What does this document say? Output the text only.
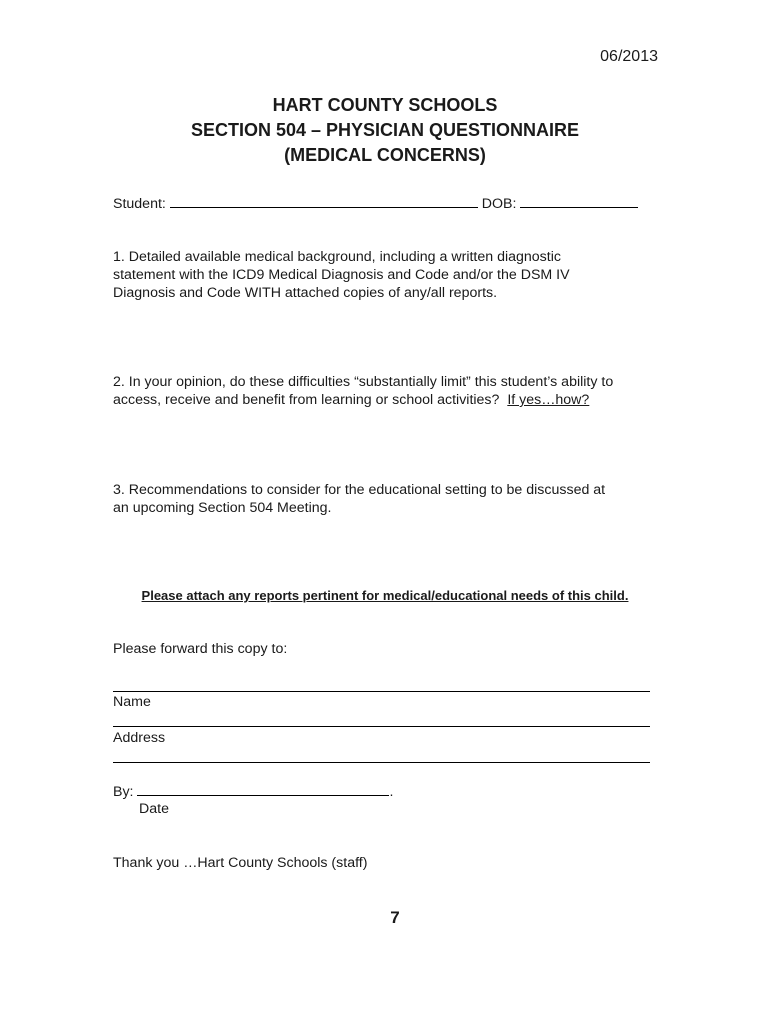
06/2013
HART COUNTY SCHOOLS
SECTION 504 – PHYSICIAN QUESTIONNAIRE
(MEDICAL CONCERNS)
Student:	DOB:
1. Detailed available medical background, including a written diagnostic
statement with the ICD9 Medical Diagnosis and Code and/or the DSM IV
Diagnosis and Code WITH attached copies of any/all reports.
2. In your opinion, do these difficulties “substantially limit” this student’s ability to
access, receive and benefit from learning or school activities? If yes…how?
3. Recommendations to consider for the educational setting to be discussed at
an upcoming Section 504 Meeting.
Please attach any reports pertinent for medical/educational needs of this child.
Please forward this copy to:
Name
Address
By:	.
Date
Thank you …Hart County Schools (staff)
7
